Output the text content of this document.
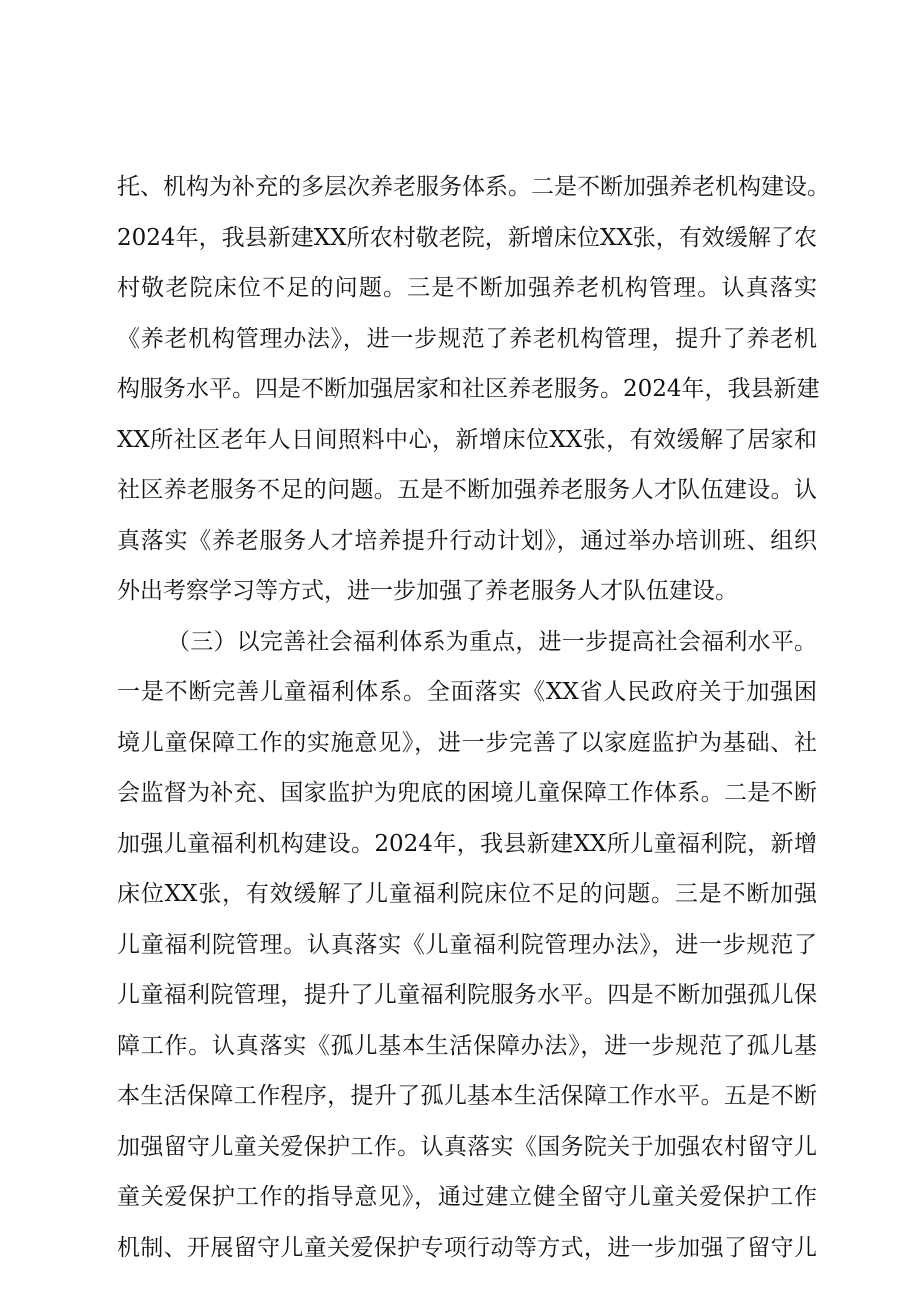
托、机构为补充的多层次养老服务体系。二是不断加强养老机构建设。
2024年，我县新建XX所农村敬老院，新增床位XX张，有效缓解了农
村敬老院床位不足的问题。三是不断加强养老机构管理。认真落实
《养老机构管理办法》，进一步规范了养老机构管理，提升了养老机
构服务水平。四是不断加强居家和社区养老服务。2024年，我县新建
XX所社区老年人日间照料中心，新增床位XX张，有效缓解了居家和
社区养老服务不足的问题。五是不断加强养老服务人才队伍建设。认
真落实《养老服务人才培养提升行动计划》，通过举办培训班、组织
外出考察学习等方式，进一步加强了养老服务人才队伍建设。
（三）以完善社会福利体系为重点，进一步提高社会福利水平。
一是不断完善儿童福利体系。全面落实《XX省人民政府关于加强困
境儿童保障工作的实施意见》，进一步完善了以家庭监护为基础、社
会监督为补充、国家监护为兜底的困境儿童保障工作体系。二是不断
加强儿童福利机构建设。2024年，我县新建XX所儿童福利院，新增
床位XX张，有效缓解了儿童福利院床位不足的问题。三是不断加强
儿童福利院管理。认真落实《儿童福利院管理办法》，进一步规范了
儿童福利院管理，提升了儿童福利院服务水平。四是不断加强孤儿保
障工作。认真落实《孤儿基本生活保障办法》，进一步规范了孤儿基
本生活保障工作程序，提升了孤儿基本生活保障工作水平。五是不断
加强留守儿童关爱保护工作。认真落实《国务院关于加强农村留守儿
童关爱保护工作的指导意见》，通过建立健全留守儿童关爱保护工作
机制、开展留守儿童关爱保护专项行动等方式，进一步加强了留守儿
